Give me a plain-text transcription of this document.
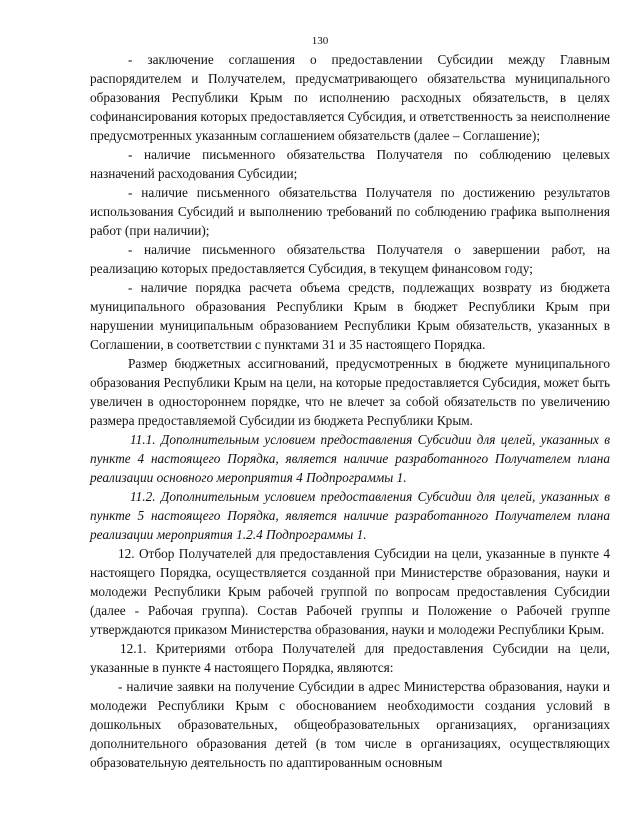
130

- заключение соглашения о предоставлении Субсидии между Главным распорядителем и Получателем, предусматривающего обязательства муниципального образования Республики Крым по исполнению расходных обязательств, в целях софинансирования которых предоставляется Субсидия, и ответственность за неисполнение предусмотренных указанным соглашением обязательств (далее – Соглашение);

- наличие письменного обязательства Получателя по соблюдению целевых назначений расходования Субсидии;

- наличие письменного обязательства Получателя по достижению результатов использования Субсидий и выполнению требований по соблюдению графика выполнения работ (при наличии);

- наличие письменного обязательства Получателя о завершении работ, на реализацию которых предоставляется Субсидия, в текущем финансовом году;

- наличие порядка расчета объема средств, подлежащих возврату из бюджета муниципального образования Республики Крым в бюджет Республики Крым при нарушении муниципальным образованием Республики Крым обязательств, указанных в Соглашении, в соответствии с пунктами 31 и 35 настоящего Порядка.

Размер бюджетных ассигнований, предусмотренных в бюджете муниципального образования Республики Крым на цели, на которые предоставляется Субсидия, может быть увеличен в одностороннем порядке, что не влечет за собой обязательств по увеличению размера предоставляемой Субсидии из бюджета Республики Крым.

11.1. Дополнительным условием предоставления Субсидии для целей, указанных в пункте 4 настоящего Порядка, является наличие разработанного Получателем плана реализации основного мероприятия 4 Подпрограммы 1.

11.2. Дополнительным условием предоставления Субсидии для целей, указанных в пункте 5 настоящего Порядка, является наличие разработанного Получателем плана реализации мероприятия 1.2.4 Подпрограммы 1.

12. Отбор Получателей для предоставления Субсидии на цели, указанные в пункте 4 настоящего Порядка, осуществляется созданной при Министерстве образования, науки и молодежи Республики Крым рабочей группой по вопросам предоставления Субсидии (далее - Рабочая группа). Состав Рабочей группы и Положение о Рабочей группе утверждаются приказом Министерства образования, науки и молодежи Республики Крым.

12.1. Критериями отбора Получателей для предоставления Субсидии на цели, указанные в пункте 4 настоящего Порядка, являются:

- наличие заявки на получение Субсидии в адрес Министерства образования, науки и молодежи Республики Крым с обоснованием необходимости создания условий в дошкольных образовательных, общеобразовательных организациях, организациях дополнительного образования детей (в том числе в организациях, осуществляющих образовательную деятельность по адаптированным основным
